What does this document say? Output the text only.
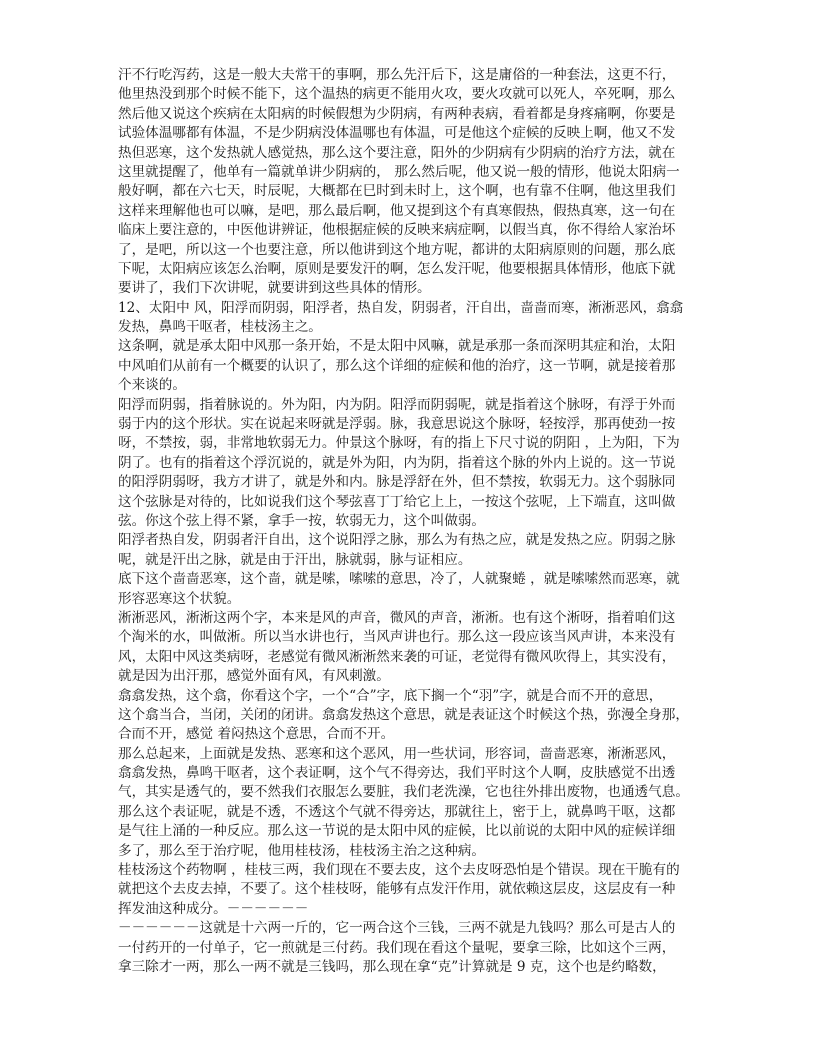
汗不行吃泻药，这是一般大夫常干的事啊，那么先汗后下，这是庸俗的一种套法，这更不行，
他里热没到那个时候不能下，这个温热的病更不能用火攻，要火攻就可以死人，卒死啊，那么
然后他又说这个疾病在太阳病的时候假想为少阴病，有两种表病，看着都是身疼痛啊，你要是
试验体温哪都有体温，不是少阴病没体温哪也有体温，可是他这个症候的反映上啊，他又不发
热但恶寒，这个发热就人感觉热，那么这个要注意，阳外的少阴病有少阴病的治疗方法，就在
这里就提醒了，他单有一篇就单讲少阴病的， 那么然后呢，他又说一般的情形，他说太阳病一
般好啊，都在六七天，时辰呢，大概都在巳时到未时上，这个啊，也有靠不住啊，他这里我们
这样来理解他也可以嘛，是吧，那么最后啊，他又提到这个有真寒假热，假热真寒，这一句在
临床上要注意的，中医他讲辨证，他根据症候的反映来病症啊，以假当真，你不得给人家治坏
了，是吧，所以这一个也要注意，所以他讲到这个地方呢，都讲的太阳病原则的问题，那么底
下呢，太阳病应该怎么治啊，原则是要发汗的啊，怎么发汗呢，他要根据具体情形，他底下就
要讲了，我们下次讲呢，就要讲到这些具体的情形。
12、太阳中 风，阳浮而阴弱，阳浮者，热自发，阴弱者，汗自出，啬啬而寒，淅淅恶风，翕翕
发热，鼻鸣干呕者，桂枝汤主之。
这条啊，就是承太阳中风那一条开始，不是太阳中风嘛，就是承那一条而深明其症和治，太阳
中风咱们从前有一个概要的认识了，那么这个详细的症候和他的治疗，这一节啊，就是接着那
个来谈的。
阳浮而阴弱，指着脉说的。外为阳，内为阴。阳浮而阴弱呢，就是指着这个脉呀，有浮于外而
弱于内的这个形状。实在说起来呀就是浮弱。脉，我意思说这个脉呀，轻按浮，那再使劲一按
呀，不禁按，弱，非常地软弱无力。仲景这个脉呀，有的指上下尺寸说的阴阳 ，上为阳，下为
阴了。也有的指着这个浮沉说的，就是外为阳，内为阴，指着这个脉的外内上说的。这一节说
的阳浮阴弱呀，我方才讲了，就是外和内。脉是浮舒在外，但不禁按，软弱无力。这个弱脉同
这个弦脉是对待的，比如说我们这个琴弦喜丁丁给它上上，一按这个弦呢，上下端直，这叫做
弦。你这个弦上得不紧，拿手一按，软弱无力，这个叫做弱。
阳浮者热自发，阴弱者汗自出，这个说阳浮之脉，那么为有热之应，就是发热之应。阴弱之脉
呢，就是汗出之脉，就是由于汗出，脉就弱，脉与证相应。
底下这个啬啬恶寒，这个啬，就是嗦，嗦嗦的意思，冷了，人就聚蜷 ，就是嗦嗦然而恶寒，就
形容恶寒这个状貌。
淅淅恶风，淅淅这两个字，本来是风的声音，微风的声音，淅淅。也有这个淅呀，指着咱们这
个淘米的水，叫做淅。所以当水讲也行，当风声讲也行。那么这一段应该当风声讲，本来没有
风，太阳中风这类病呀，老感觉有微风淅淅然来袭的可证，老觉得有微风吹得上，其实没有，
就是因为出汗那，感觉外面有风，有风刺激。
翕翕发热，这个翕，你看这个字，一个“合”字，底下搁一个“羽”字，就是合而不开的意思，
这个翕当合，当闭，关闭的闭讲。翕翕发热这个意思，就是表证这个时候这个热，弥漫全身那，
合而不开，感觉 着闷热这个意思，合而不开。
那么总起来，上面就是发热、恶寒和这个恶风，用一些状词，形容词，啬啬恶寒，淅淅恶风，
翕翕发热，鼻鸣干呕者，这个表证啊，这个气不得旁达，我们平时这个人啊，皮肤感觉不出透
气，其实是透气的，要不然我们衣服怎么要脏，我们老洗澡，它也往外排出废物，也通透气息。
那么这个表证呢，就是不透，不透这个气就不得旁达，那就往上，密于上，就鼻鸣干呕，这都
是气往上涌的一种反应。那么这一节说的是太阳中风的症候，比以前说的太阳中风的症候详细
多了，那么至于治疗呢，他用桂枝汤，桂枝汤主治之这种病。
桂枝汤这个药物啊 ，桂枝三两，我们现在不要去皮，这个去皮呀恐怕是个错误。现在干脆有的
就把这个去皮去掉，不要了。这个桂枝呀，能够有点发汗作用，就依赖这层皮，这层皮有一种
挥发油这种成分。－－－－－－
－－－－－－这就是十六两一斤的，它一两合这个三钱，三两不就是九钱吗？那么可是古人的
一付药开的一付单子，它一煎就是三付药。我们现在看这个量呢，要拿三除，比如这个三两，
拿三除才一两，那么一两不就是三钱吗，那么现在拿“克”计算就是 9 克，这个也是约略数，
